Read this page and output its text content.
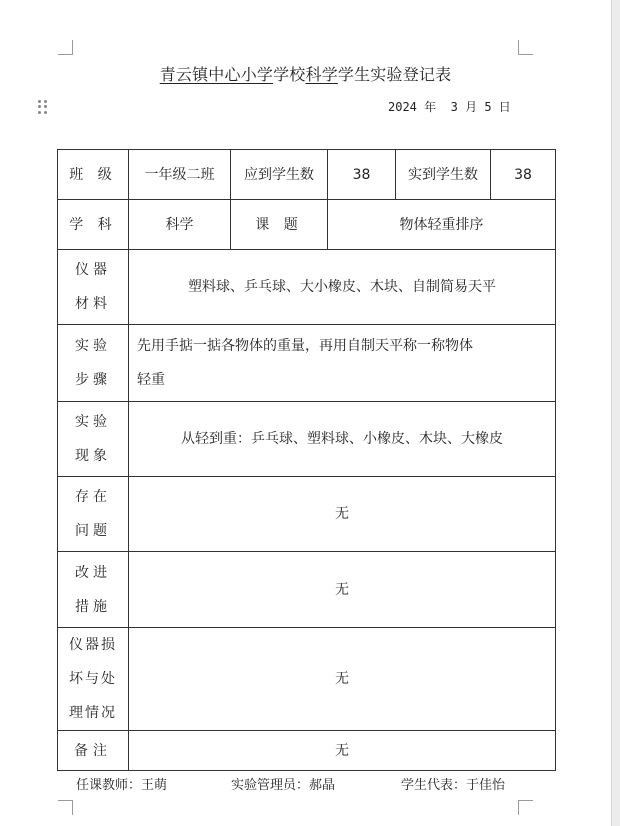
青云镇中心小学学校科学学生实验登记表
2024 年 3 月 5 日
班 级	一年级二班	应到学生数	38	实到学生数	38
学 科	科学	课 题	物体轻重排序		

仪器
材料	塑料球、乒乓球、大小橡皮、木块、自制简易天平				

实验
步骤	先用手掂一掂各物体的重量，再用自制天平称一称物体
轻重				

实验
现象	从轻到重：乒乓球、塑料球、小橡皮、木块、大橡皮				

存在
问题	无				

改进
措施	无				

仪器损
坏与处
理情况	无				
备注	无				
任课教师：王萌	实验管理员：郝晶	学生代表：于佳怡
